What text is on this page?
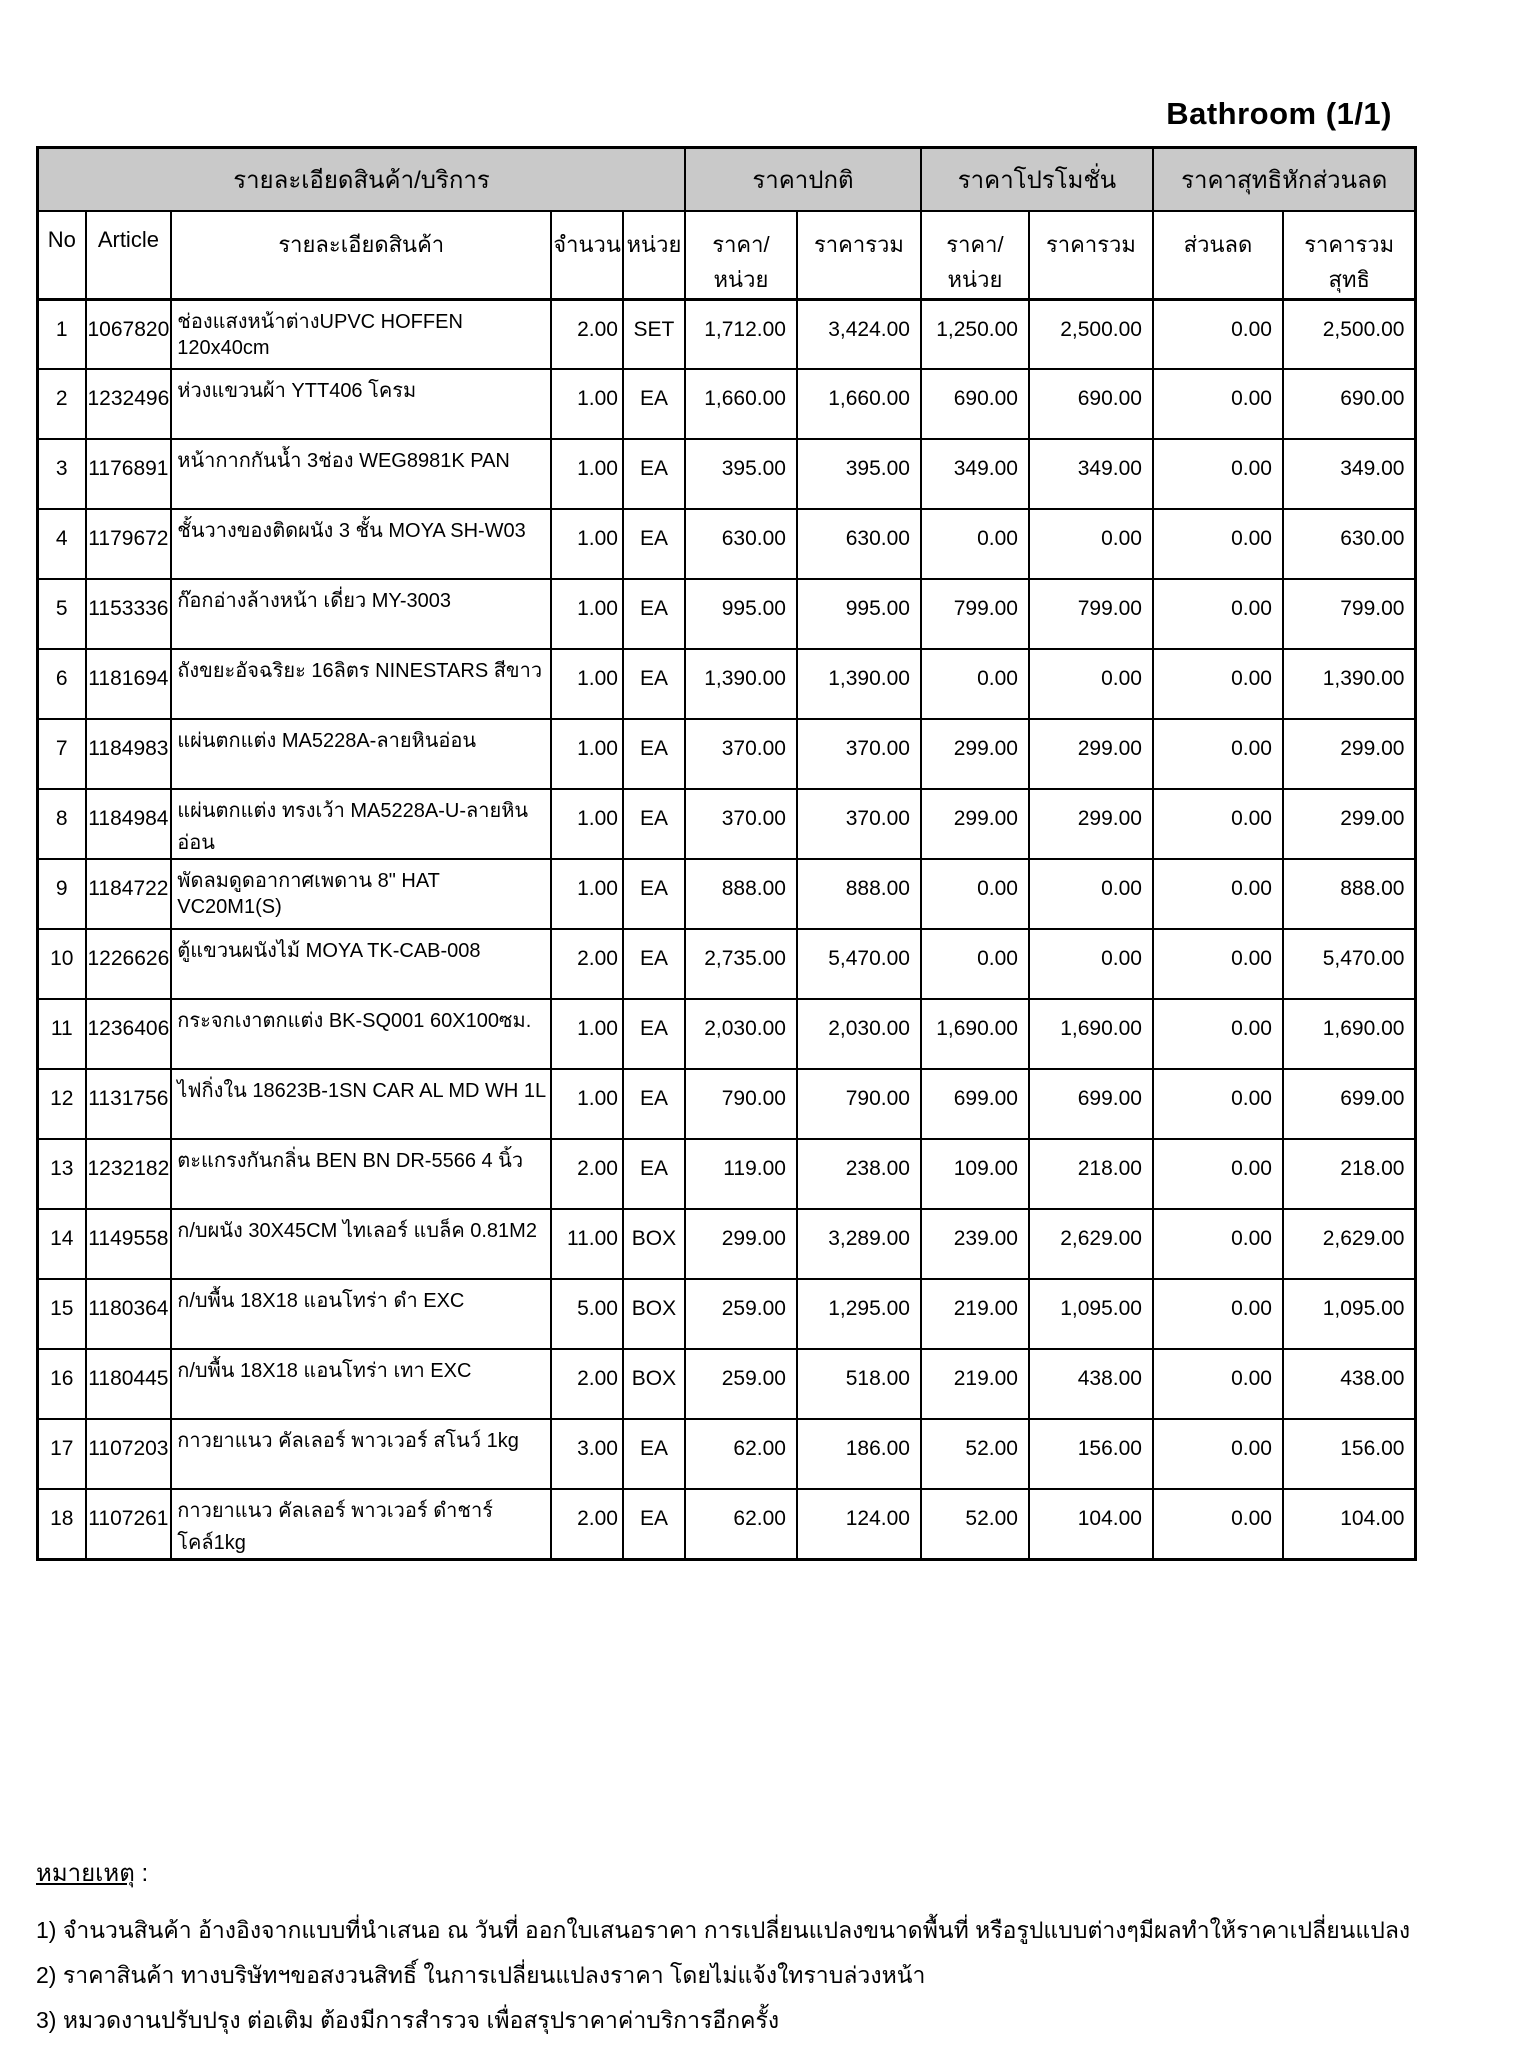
Bathroom (1/1)
รายละเอียดสินค้า/บริการ					ราคาปกติ		ราคาโปรโมชั่น		ราคาสุทธิหักส่วนลด	
No	Article	รายละเอียดสินค้า	จำนวน	หน่วย	ราคา/หน่วย	ราคารวม	ราคา/หน่วย	ราคารวม	ส่วนลด	ราคารวมสุทธิ
1	1067820	ช่องแสงหน้าต่างUPVC HOFFEN 120x40cm	2.00	SET	1,712.00	3,424.00	1,250.00	2,500.00	0.00	2,500.00
2	1232496	ห่วงแขวนผ้า YTT406 โครม	1.00	EA	1,660.00	1,660.00	690.00	690.00	0.00	690.00
3	1176891	หน้ากากกันน้ำ 3ช่อง WEG8981K PAN	1.00	EA	395.00	395.00	349.00	349.00	0.00	349.00
4	1179672	ชั้นวางของติดผนัง 3 ชั้น MOYA SH-W03	1.00	EA	630.00	630.00	0.00	0.00	0.00	630.00
5	1153336	ก๊อกอ่างล้างหน้า เดี่ยว MY-3003	1.00	EA	995.00	995.00	799.00	799.00	0.00	799.00
6	1181694	ถังขยะอัจฉริยะ 16ลิตร NINESTARS สีขาว	1.00	EA	1,390.00	1,390.00	0.00	0.00	0.00	1,390.00
7	1184983	แผ่นตกแต่ง MA5228A-ลายหินอ่อน	1.00	EA	370.00	370.00	299.00	299.00	0.00	299.00
8	1184984	แผ่นตกแต่ง ทรงเว้า MA5228A-U-ลายหินอ่อน	1.00	EA	370.00	370.00	299.00	299.00	0.00	299.00
9	1184722	พัดลมดูดอากาศเพดาน 8" HAT VC20M1(S)	1.00	EA	888.00	888.00	0.00	0.00	0.00	888.00
10	1226626	ตู้แขวนผนังไม้ MOYA TK-CAB-008	2.00	EA	2,735.00	5,470.00	0.00	0.00	0.00	5,470.00
11	1236406	กระจกเงาตกแต่ง BK-SQ001 60X100ซม.	1.00	EA	2,030.00	2,030.00	1,690.00	1,690.00	0.00	1,690.00
12	1131756	ไฟกิ่งใน 18623B-1SN CAR AL MD WH 1L	1.00	EA	790.00	790.00	699.00	699.00	0.00	699.00
13	1232182	ตะแกรงกันกลิ่น BEN BN DR-5566 4 นิ้ว	2.00	EA	119.00	238.00	109.00	218.00	0.00	218.00
14	1149558	ก/บผนัง 30X45CM ไทเลอร์ แบล็ค 0.81M2	11.00	BOX	299.00	3,289.00	239.00	2,629.00	0.00	2,629.00
15	1180364	ก/บพื้น 18X18 แอนโทร่า ดำ EXC	5.00	BOX	259.00	1,295.00	219.00	1,095.00	0.00	1,095.00
16	1180445	ก/บพื้น 18X18 แอนโทร่า เทา EXC	2.00	BOX	259.00	518.00	219.00	438.00	0.00	438.00
17	1107203	กาวยาแนว คัลเลอร์ พาวเวอร์ สโนว์ 1kg	3.00	EA	62.00	186.00	52.00	156.00	0.00	156.00
18	1107261	กาวยาแนว คัลเลอร์ พาวเวอร์ ดำชาร์โคล์1kg	2.00	EA	62.00	124.00	52.00	104.00	0.00	104.00
หมายเหตุ :
1) จำนวนสินค้า อ้างอิงจากแบบที่นำเสนอ ณ วันที่ ออกใบเสนอราคา การเปลี่ยนแปลงขนาดพื้นที่ หรือรูปแบบต่างๆมีผลทำให้ราคาเปลี่ยนแปลง
2) ราคาสินค้า ทางบริษัทฯขอสงวนสิทธิ์ ในการเปลี่ยนแปลงราคา โดยไม่แจ้งใทราบล่วงหน้า
3) หมวดงานปรับปรุง ต่อเติม ต้องมีการสำรวจ เพื่อสรุปราคาค่าบริการอีกครั้ง
